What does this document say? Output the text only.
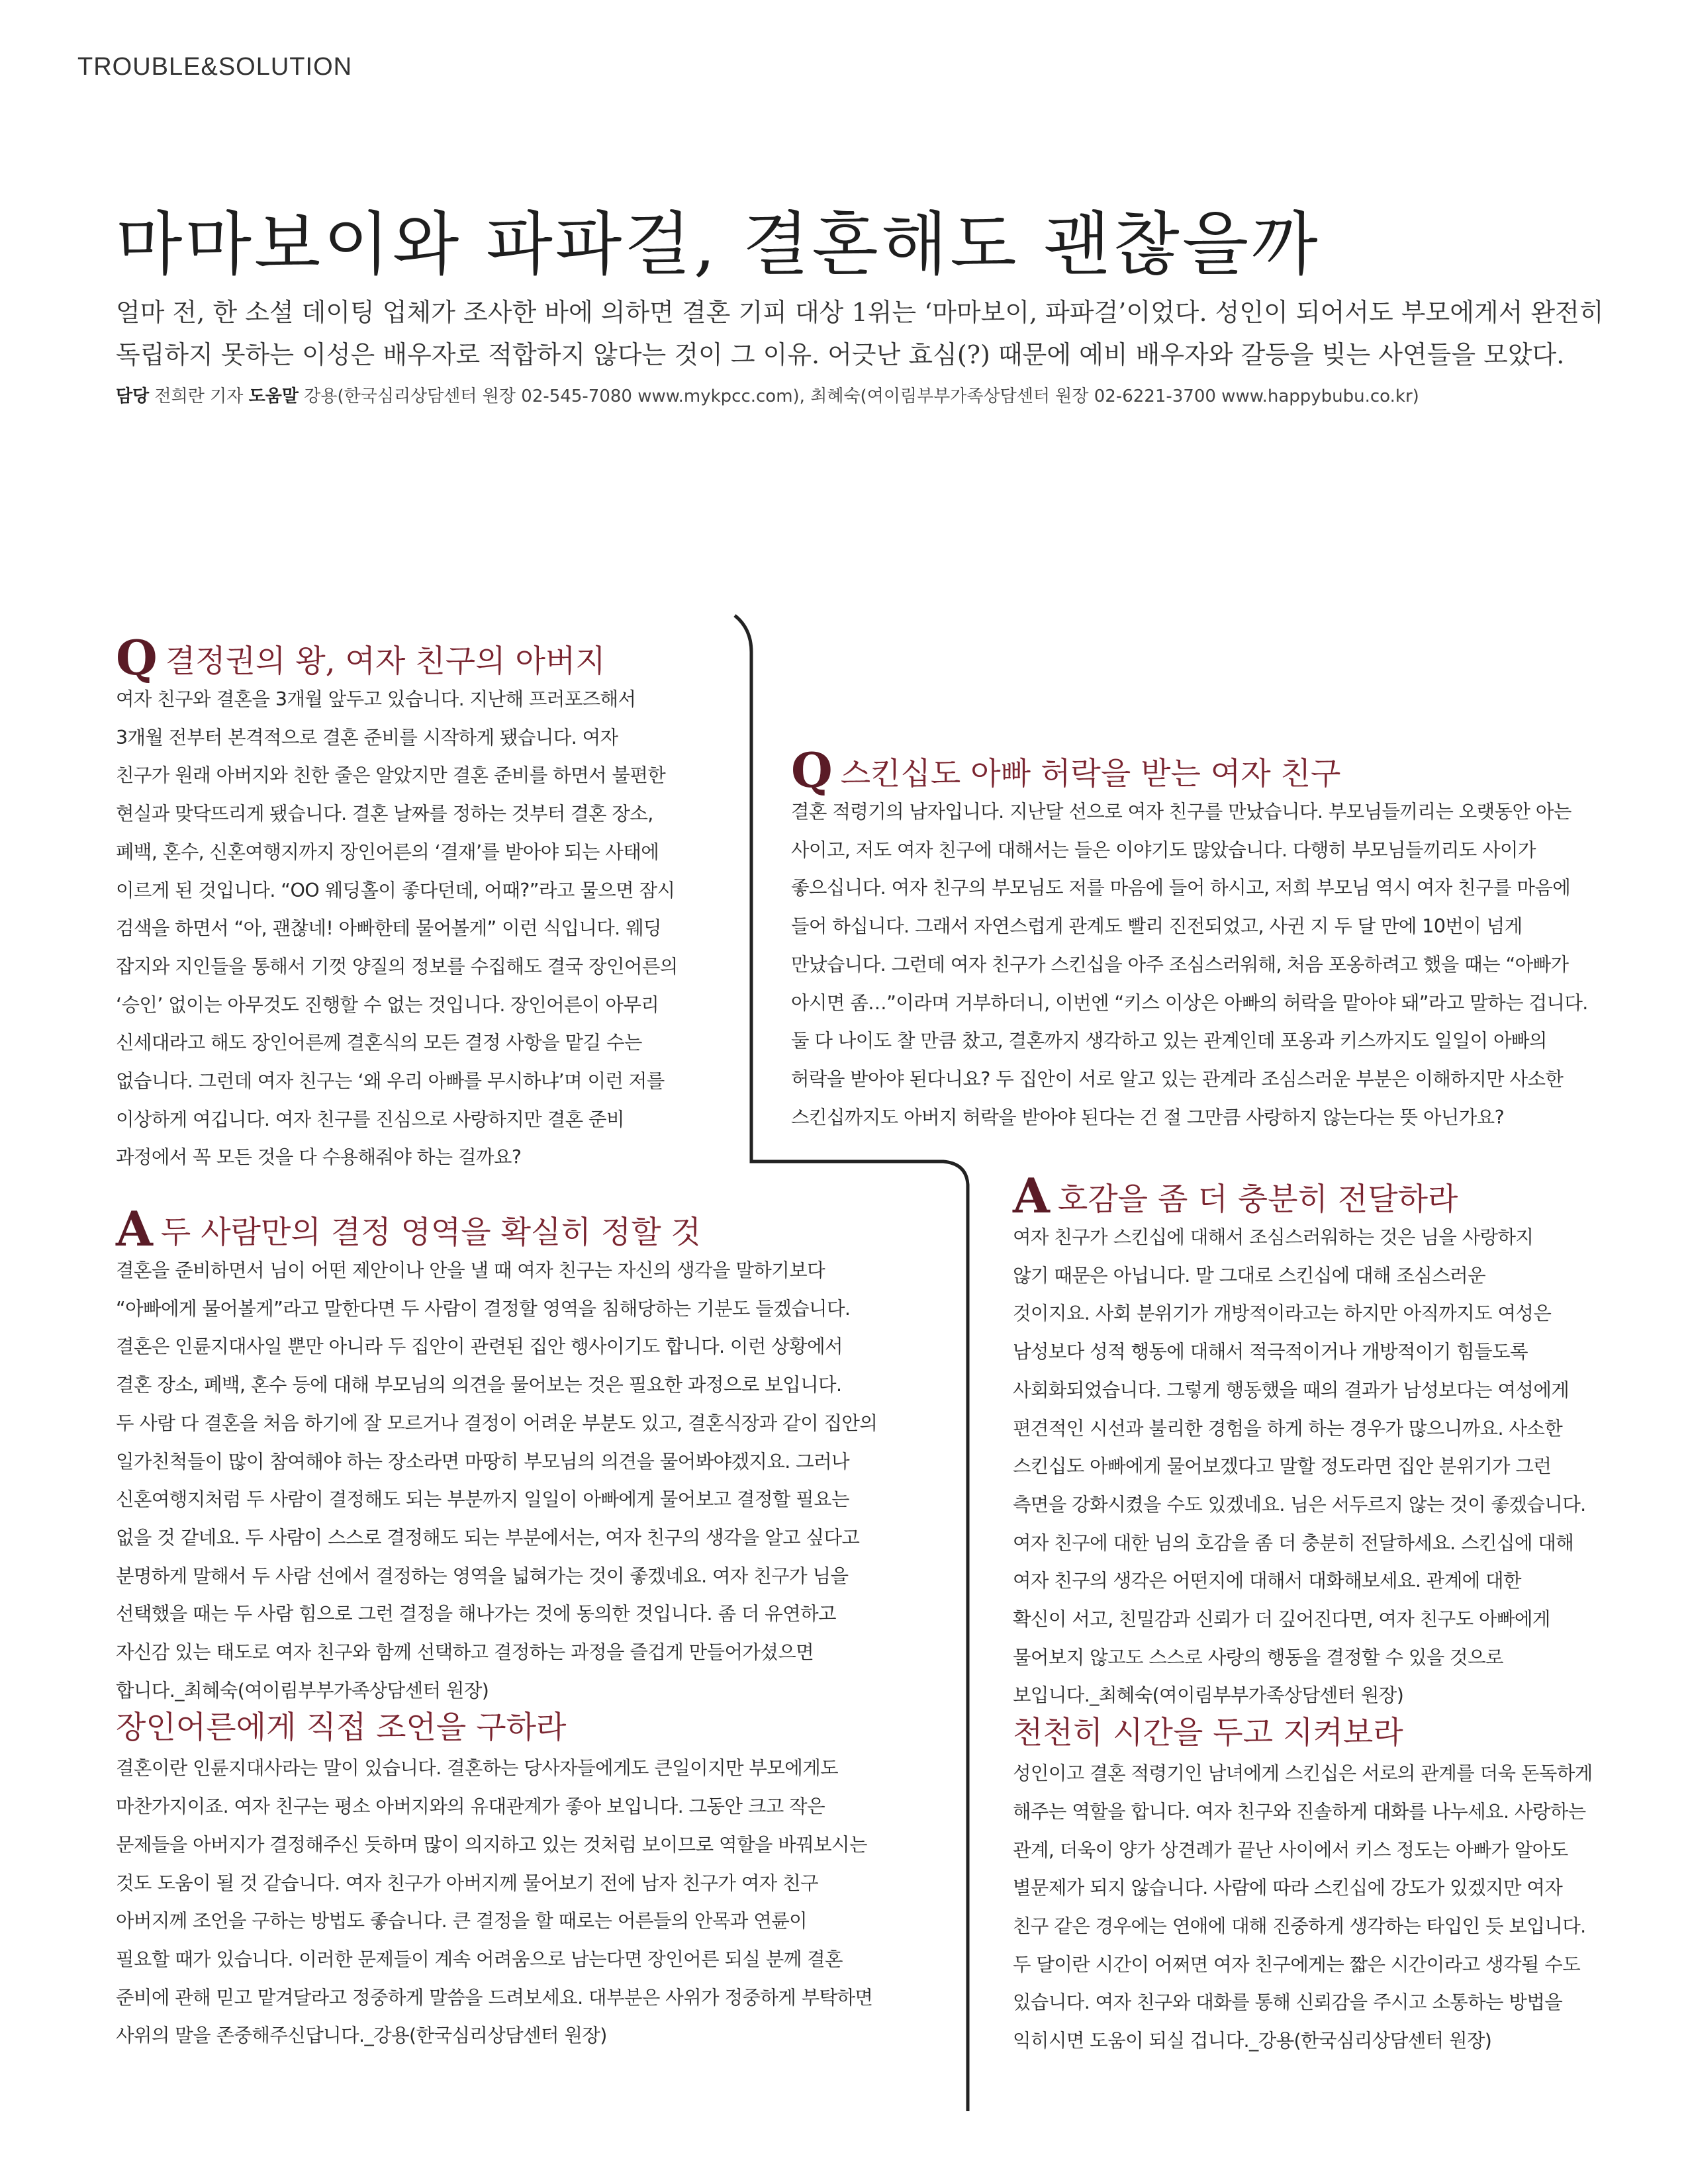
TROUBLE&SOLUTION
마마보이와 파파걸, 결혼해도 괜찮을까
얼마 전, 한 소셜 데이팅 업체가 조사한 바에 의하면 결혼 기피 대상 1위는 ‘마마보이, 파파걸’이었다. 성인이 되어서도 부모에게서 완전히
독립하지 못하는 이성은 배우자로 적합하지 않다는 것이 그 이유. 어긋난 효심(?) 때문에 예비 배우자와 갈등을 빚는 사연들을 모았다.
담당 전희란 기자 도움말 강용(한국심리상담센터 원장 02-545-7080 www.mykpcc.com), 최혜숙(여이림부부가족상담센터 원장 02-6221-3700 www.happybubu.co.kr)
Q결정권의 왕, 여자 친구의 아버지
여자 친구와 결혼을 3개월 앞두고 있습니다. 지난해 프러포즈해서
3개월 전부터 본격적으로 결혼 준비를 시작하게 됐습니다. 여자
친구가 원래 아버지와 친한 줄은 알았지만 결혼 준비를 하면서 불편한
현실과 맞닥뜨리게 됐습니다. 결혼 날짜를 정하는 것부터 결혼 장소,
폐백, 혼수, 신혼여행지까지 장인어른의 ‘결재’를 받아야 되는 사태에
이르게 된 것입니다. “OO 웨딩홀이 좋다던데, 어때?”라고 물으면 잠시
검색을 하면서 “아, 괜찮네! 아빠한테 물어볼게” 이런 식입니다. 웨딩
잡지와 지인들을 통해서 기껏 양질의 정보를 수집해도 결국 장인어른의
‘승인’ 없이는 아무것도 진행할 수 없는 것입니다. 장인어른이 아무리
신세대라고 해도 장인어른께 결혼식의 모든 결정 사항을 맡길 수는
없습니다. 그런데 여자 친구는 ‘왜 우리 아빠를 무시하냐’며 이런 저를
이상하게 여깁니다. 여자 친구를 진심으로 사랑하지만 결혼 준비
과정에서 꼭 모든 것을 다 수용해줘야 하는 걸까요?
A두 사람만의 결정 영역을 확실히 정할 것
결혼을 준비하면서 님이 어떤 제안이나 안을 낼 때 여자 친구는 자신의 생각을 말하기보다
“아빠에게 물어볼게”라고 말한다면 두 사람이 결정할 영역을 침해당하는 기분도 들겠습니다.
결혼은 인륜지대사일 뿐만 아니라 두 집안이 관련된 집안 행사이기도 합니다. 이런 상황에서
결혼 장소, 폐백, 혼수 등에 대해 부모님의 의견을 물어보는 것은 필요한 과정으로 보입니다.
두 사람 다 결혼을 처음 하기에 잘 모르거나 결정이 어려운 부분도 있고, 결혼식장과 같이 집안의
일가친척들이 많이 참여해야 하는 장소라면 마땅히 부모님의 의견을 물어봐야겠지요. 그러나
신혼여행지처럼 두 사람이 결정해도 되는 부분까지 일일이 아빠에게 물어보고 결정할 필요는
없을 것 같네요. 두 사람이 스스로 결정해도 되는 부분에서는, 여자 친구의 생각을 알고 싶다고
분명하게 말해서 두 사람 선에서 결정하는 영역을 넓혀가는 것이 좋겠네요. 여자 친구가 님을
선택했을 때는 두 사람 힘으로 그런 결정을 해나가는 것에 동의한 것입니다. 좀 더 유연하고
자신감 있는 태도로 여자 친구와 함께 선택하고 결정하는 과정을 즐겁게 만들어가셨으면
합니다._최혜숙(여이림부부가족상담센터 원장)
장인어른에게 직접 조언을 구하라
결혼이란 인륜지대사라는 말이 있습니다. 결혼하는 당사자들에게도 큰일이지만 부모에게도
마찬가지이죠. 여자 친구는 평소 아버지와의 유대관계가 좋아 보입니다. 그동안 크고 작은
문제들을 아버지가 결정해주신 듯하며 많이 의지하고 있는 것처럼 보이므로 역할을 바꿔보시는
것도 도움이 될 것 같습니다. 여자 친구가 아버지께 물어보기 전에 남자 친구가 여자 친구
아버지께 조언을 구하는 방법도 좋습니다. 큰 결정을 할 때로는 어른들의 안목과 연륜이
필요할 때가 있습니다. 이러한 문제들이 계속 어려움으로 남는다면 장인어른 되실 분께 결혼
준비에 관해 믿고 맡겨달라고 정중하게 말씀을 드려보세요. 대부분은 사위가 정중하게 부탁하면
사위의 말을 존중해주신답니다._강용(한국심리상담센터 원장)
Q스킨십도 아빠 허락을 받는 여자 친구
결혼 적령기의 남자입니다. 지난달 선으로 여자 친구를 만났습니다. 부모님들끼리는 오랫동안 아는
사이고, 저도 여자 친구에 대해서는 들은 이야기도 많았습니다. 다행히 부모님들끼리도 사이가
좋으십니다. 여자 친구의 부모님도 저를 마음에 들어 하시고, 저희 부모님 역시 여자 친구를 마음에
들어 하십니다. 그래서 자연스럽게 관계도 빨리 진전되었고, 사귄 지 두 달 만에 10번이 넘게
만났습니다. 그런데 여자 친구가 스킨십을 아주 조심스러워해, 처음 포옹하려고 했을 때는 “아빠가
아시면 좀…”이라며 거부하더니, 이번엔 “키스 이상은 아빠의 허락을 맡아야 돼”라고 말하는 겁니다.
둘 다 나이도 찰 만큼 찼고, 결혼까지 생각하고 있는 관계인데 포옹과 키스까지도 일일이 아빠의
허락을 받아야 된다니요? 두 집안이 서로 알고 있는 관계라 조심스러운 부분은 이해하지만 사소한
스킨십까지도 아버지 허락을 받아야 된다는 건 절 그만큼 사랑하지 않는다는 뜻 아닌가요?
A호감을 좀 더 충분히 전달하라
여자 친구가 스킨십에 대해서 조심스러워하는 것은 님을 사랑하지
않기 때문은 아닙니다. 말 그대로 스킨십에 대해 조심스러운
것이지요. 사회 분위기가 개방적이라고는 하지만 아직까지도 여성은
남성보다 성적 행동에 대해서 적극적이거나 개방적이기 힘들도록
사회화되었습니다. 그렇게 행동했을 때의 결과가 남성보다는 여성에게
편견적인 시선과 불리한 경험을 하게 하는 경우가 많으니까요. 사소한
스킨십도 아빠에게 물어보겠다고 말할 정도라면 집안 분위기가 그런
측면을 강화시켰을 수도 있겠네요. 님은 서두르지 않는 것이 좋겠습니다.
여자 친구에 대한 님의 호감을 좀 더 충분히 전달하세요. 스킨십에 대해
여자 친구의 생각은 어떤지에 대해서 대화해보세요. 관계에 대한
확신이 서고, 친밀감과 신뢰가 더 깊어진다면, 여자 친구도 아빠에게
물어보지 않고도 스스로 사랑의 행동을 결정할 수 있을 것으로
보입니다._최혜숙(여이림부부가족상담센터 원장)
천천히 시간을 두고 지켜보라
성인이고 결혼 적령기인 남녀에게 스킨십은 서로의 관계를 더욱 돈독하게
해주는 역할을 합니다. 여자 친구와 진솔하게 대화를 나누세요. 사랑하는
관계, 더욱이 양가 상견례가 끝난 사이에서 키스 정도는 아빠가 알아도
별문제가 되지 않습니다. 사람에 따라 스킨십에 강도가 있겠지만 여자
친구 같은 경우에는 연애에 대해 진중하게 생각하는 타입인 듯 보입니다.
두 달이란 시간이 어쩌면 여자 친구에게는 짧은 시간이라고 생각될 수도
있습니다. 여자 친구와 대화를 통해 신뢰감을 주시고 소통하는 방법을
익히시면 도움이 되실 겁니다._강용(한국심리상담센터 원장)
